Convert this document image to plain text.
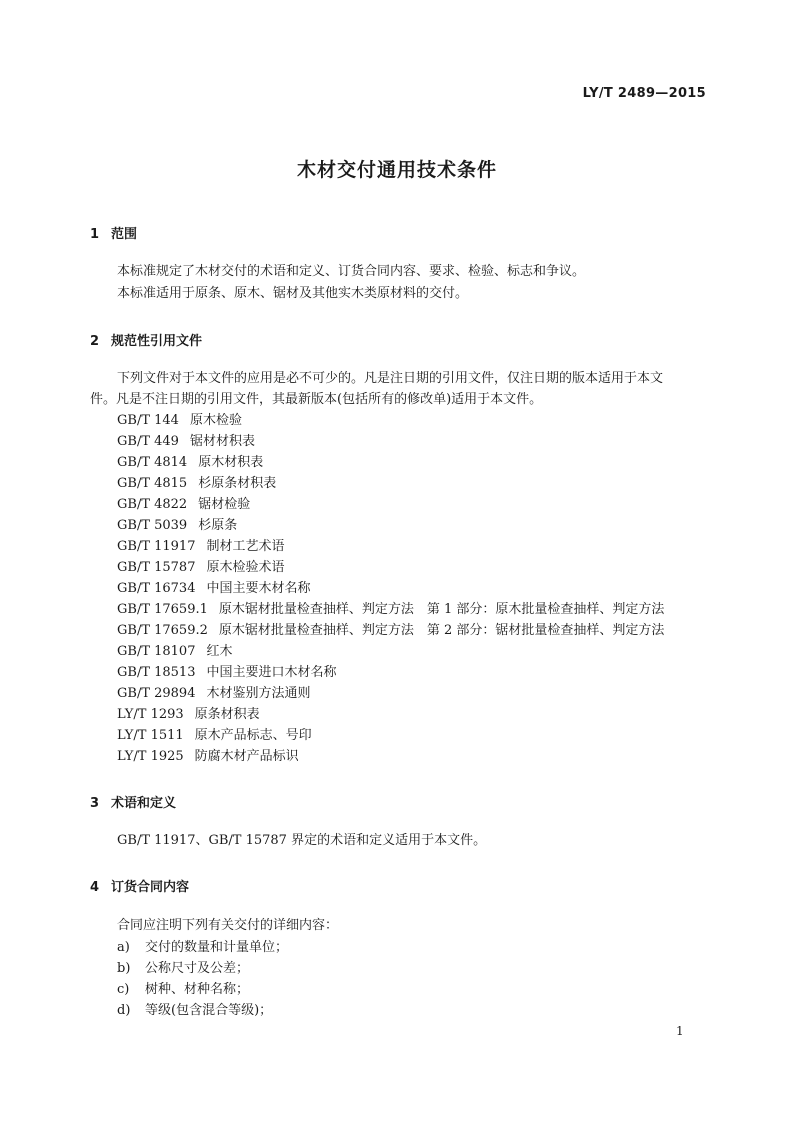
LY/T 2489—2015
木材交付通用技术条件
1 范围
本标准规定了木材交付的术语和定义、订货合同内容、要求、检验、标志和争议。
本标准适用于原条、原木、锯材及其他实木类原材料的交付。
2 规范性引用文件
下列文件对于本文件的应用是必不可少的。凡是注日期的引用文件，仅注日期的版本适用于本文
件。凡是不注日期的引用文件，其最新版本(包括所有的修改单)适用于本文件。
GB/T 144 原木检验
GB/T 449 锯材材积表
GB/T 4814 原木材积表
GB/T 4815 杉原条材积表
GB/T 4822 锯材检验
GB/T 5039 杉原条
GB/T 11917 制材工艺术语
GB/T 15787 原木检验术语
GB/T 16734 中国主要木材名称
GB/T 17659.1 原木锯材批量检查抽样、判定方法　第 1 部分：原木批量检查抽样、判定方法
GB/T 17659.2 原木锯材批量检查抽样、判定方法　第 2 部分：锯材批量检查抽样、判定方法
GB/T 18107 红木
GB/T 18513 中国主要进口木材名称
GB/T 29894 木材鉴别方法通则
LY/T 1293 原条材积表
LY/T 1511 原木产品标志、号印
LY/T 1925 防腐木材产品标识
3 术语和定义
GB/T 11917、GB/T 15787 界定的术语和定义适用于本文件。
4 订货合同内容
合同应注明下列有关交付的详细内容：
a) 交付的数量和计量单位；
b) 公称尺寸及公差；
c) 树种、材种名称；
d) 等级(包含混合等级)；
1
